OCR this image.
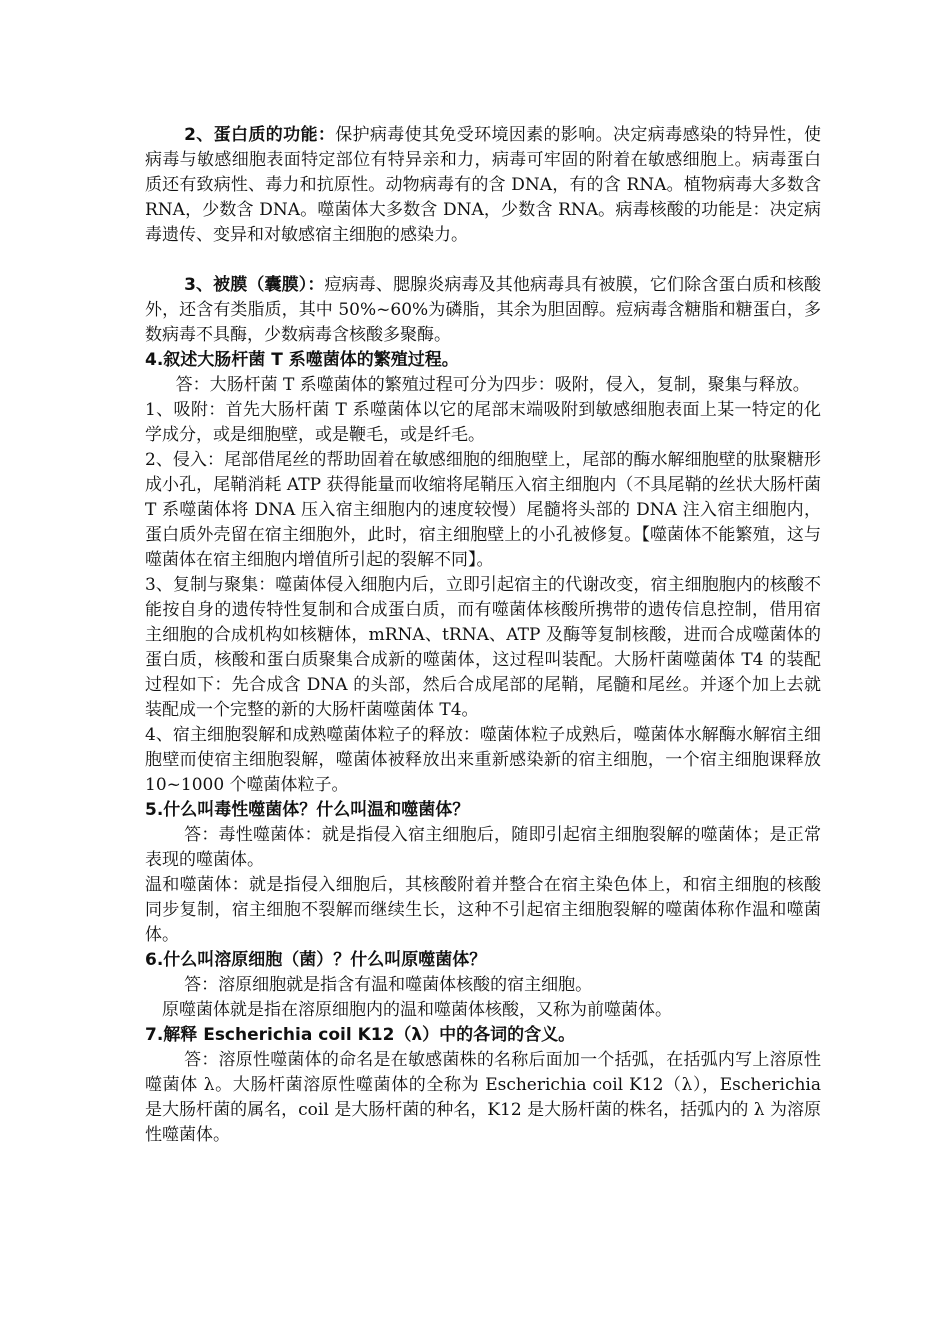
2、蛋白质的功能：保护病毒使其免受环境因素的影响。决定病毒感染的特异性，使病毒与敏感细胞表面特定部位有特异亲和力，病毒可牢固的附着在敏感细胞上。病毒蛋白质还有致病性、毒力和抗原性。动物病毒有的含 DNA，有的含 RNA。植物病毒大多数含 RNA，少数含 DNA。噬菌体大多数含 DNA，少数含 RNA。病毒核酸的功能是：决定病毒遗传、变异和对敏感宿主细胞的感染力。

3、被膜（囊膜）：痘病毒、腮腺炎病毒及其他病毒具有被膜，它们除含蛋白质和核酸外，还含有类脂质，其中 50%~60%为磷脂，其余为胆固醇。痘病毒含糖脂和糖蛋白，多数病毒不具酶，少数病毒含核酸多聚酶。

4.叙述大肠杆菌 T 系噬菌体的繁殖过程。

答：大肠杆菌 T 系噬菌体的繁殖过程可分为四步：吸附，侵入，复制，聚集与释放。

1、吸附：首先大肠杆菌 T 系噬菌体以它的尾部末端吸附到敏感细胞表面上某一特定的化学成分，或是细胞壁，或是鞭毛，或是纤毛。

2、侵入：尾部借尾丝的帮助固着在敏感细胞的细胞壁上，尾部的酶水解细胞壁的肽聚糖形成小孔，尾鞘消耗 ATP 获得能量而收缩将尾鞘压入宿主细胞内（不具尾鞘的丝状大肠杆菌 T 系噬菌体将 DNA 压入宿主细胞内的速度较慢）尾髓将头部的 DNA 注入宿主细胞内，蛋白质外壳留在宿主细胞外，此时，宿主细胞壁上的小孔被修复。【噬菌体不能繁殖，这与噬菌体在宿主细胞内增值所引起的裂解不同】。

3、复制与聚集：噬菌体侵入细胞内后，立即引起宿主的代谢改变，宿主细胞胞内的核酸不能按自身的遗传特性复制和合成蛋白质，而有噬菌体核酸所携带的遗传信息控制，借用宿主细胞的合成机构如核糖体，mRNA、tRNA、ATP 及酶等复制核酸，进而合成噬菌体的蛋白质，核酸和蛋白质聚集合成新的噬菌体，这过程叫装配。大肠杆菌噬菌体 T4 的装配过程如下：先合成含 DNA 的头部，然后合成尾部的尾鞘，尾髓和尾丝。并逐个加上去就装配成一个完整的新的大肠杆菌噬菌体 T4。

4、宿主细胞裂解和成熟噬菌体粒子的释放：噬菌体粒子成熟后，噬菌体水解酶水解宿主细胞壁而使宿主细胞裂解，噬菌体被释放出来重新感染新的宿主细胞，一个宿主细胞课释放 10~1000 个噬菌体粒子。

5.什么叫毒性噬菌体？什么叫温和噬菌体？

答：毒性噬菌体：就是指侵入宿主细胞后，随即引起宿主细胞裂解的噬菌体；是正常表现的噬菌体。

温和噬菌体：就是指侵入细胞后，其核酸附着并整合在宿主染色体上，和宿主细胞的核酸同步复制，宿主细胞不裂解而继续生长，这种不引起宿主细胞裂解的噬菌体称作温和噬菌体。

6.什么叫溶原细胞（菌）？什么叫原噬菌体？

答：溶原细胞就是指含有温和噬菌体核酸的宿主细胞。

原噬菌体就是指在溶原细胞内的温和噬菌体核酸，又称为前噬菌体。

7.解释 Escherichia coil K12（λ）中的各词的含义。

答：溶原性噬菌体的命名是在敏感菌株的名称后面加一个括弧，在括弧内写上溶原性噬菌体 λ。大肠杆菌溶原性噬菌体的全称为 Escherichia coil K12（λ），Escherichia 是大肠杆菌的属名，coil 是大肠杆菌的种名，K12 是大肠杆菌的株名，括弧内的 λ 为溶原性噬菌体。
